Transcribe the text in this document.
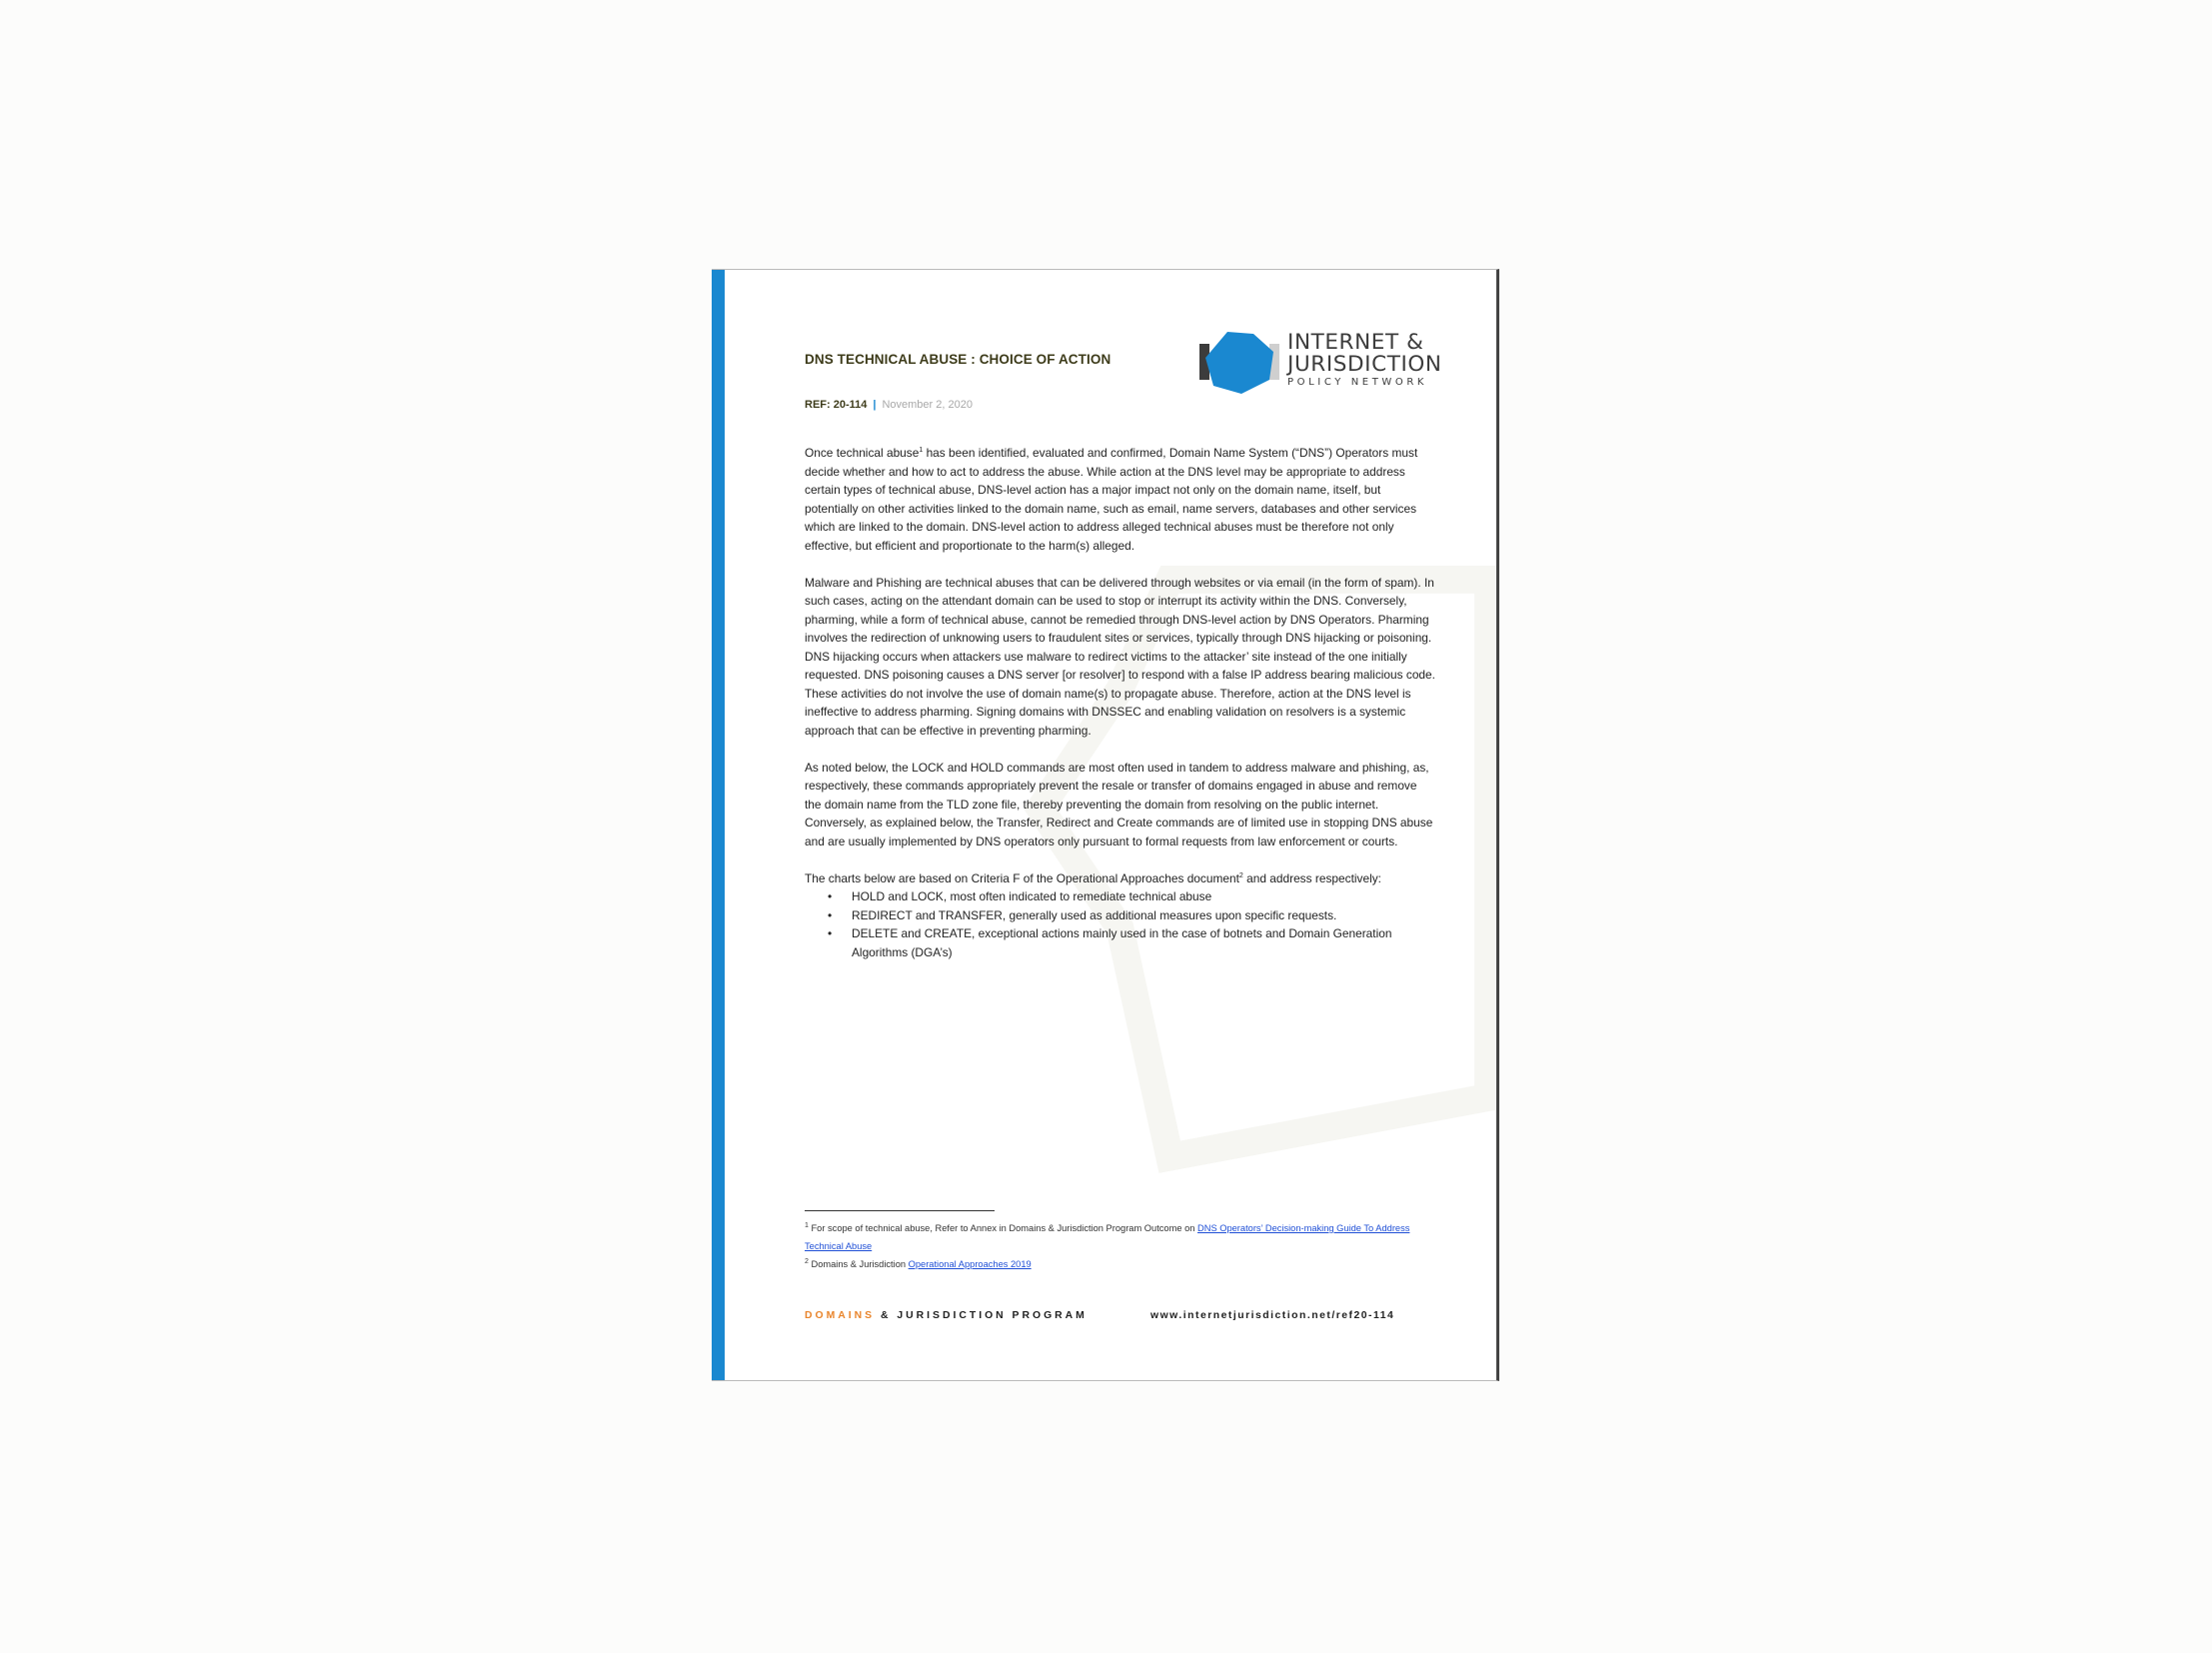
DNS TECHNICAL ABUSE : CHOICE OF ACTION
REF: 20-114 | November 2, 2020
INTERNET &
JURISDICTION
POLICY NETWORK

Once technical abuse$^1$ has been identified, evaluated and confirmed, Domain Name System (“DNS”) Operators must decide whether and how to act to address the abuse. While action at the DNS level may be appropriate to address certain types of technical abuse, DNS-level action has a major impact not only on the domain name, itself, but potentially on other activities linked to the domain name, such as email, name servers, databases and other services which are linked to the domain. DNS-level action to address alleged technical abuses must be therefore not only effective, but efficient and proportionate to the harm(s) alleged.

Malware and Phishing are technical abuses that can be delivered through websites or via email (in the form of spam). In such cases, acting on the attendant domain can be used to stop or interrupt its activity within the DNS. Conversely, pharming, while a form of technical abuse, cannot be remedied through DNS-level action by DNS Operators. Pharming involves the redirection of unknowing users to fraudulent sites or services, typically through DNS hijacking or poisoning. DNS hijacking occurs when attackers use malware to redirect victims to the attacker’ site instead of the one initially requested. DNS poisoning causes a DNS server [or resolver] to respond with a false IP address bearing malicious code. These activities do not involve the use of domain name(s) to propagate abuse. Therefore, action at the DNS level is ineffective to address pharming. Signing domains with DNSSEC and enabling validation on resolvers is a systemic approach that can be effective in preventing pharming.

As noted below, the LOCK and HOLD commands are most often used in tandem to address malware and phishing, as, respectively, these commands appropriately prevent the resale or transfer of domains engaged in abuse and remove the domain name from the TLD zone file, thereby preventing the domain from resolving on the public internet. Conversely, as explained below, the Transfer, Redirect and Create commands are of limited use in stopping DNS abuse and are usually implemented by DNS operators only pursuant to formal requests from law enforcement or courts.

The charts below are based on Criteria F of the Operational Approaches document$^2$ and address respectively:

• HOLD and LOCK, most often indicated to remediate technical abuse
• REDIRECT and TRANSFER, generally used as additional measures upon specific requests.
• DELETE and CREATE, exceptional actions mainly used in the case of botnets and Domain Generation Algorithms (DGA’s)
$^1$ For scope of technical abuse, Refer to Annex in Domains & Jurisdiction Program Outcome on DNS Operators’ Decision-making Guide To Address Technical Abuse
$^2$ Domains & Jurisdiction Operational Approaches 2019
DOMAINS & JURISDICTION PROGRAM	www.internetjurisdiction.net/ref20-114
